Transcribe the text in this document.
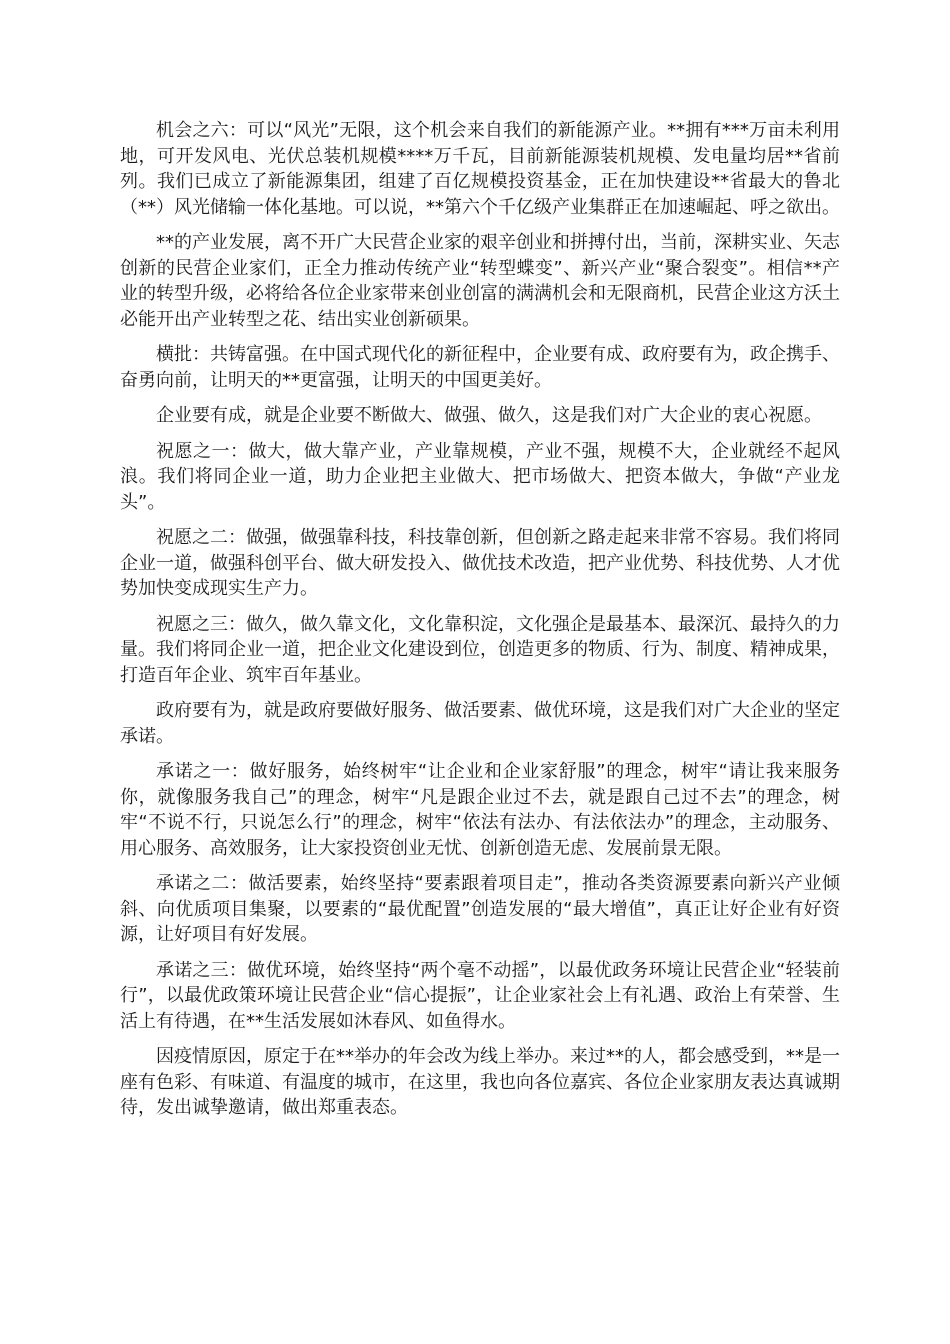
机会之六：可以“风光”无限，这个机会来自我们的新能源产业。**拥有***万亩未利用地，可开发风电、光伏总装机规模****万千瓦，目前新能源装机规模、发电量均居**省前列。我们已成立了新能源集团，组建了百亿规模投资基金，正在加快建设**省最大的鲁北（**）风光储输一体化基地。可以说，**第六个千亿级产业集群正在加速崛起、呼之欲出。

**的产业发展，离不开广大民营企业家的艰辛创业和拼搏付出，当前，深耕实业、矢志创新的民营企业家们，正全力推动传统产业“转型蝶变”、新兴产业“聚合裂变”。相信**产业的转型升级，必将给各位企业家带来创业创富的满满机会和无限商机，民营企业这方沃土必能开出产业转型之花、结出实业创新硕果。

横批：共铸富强。在中国式现代化的新征程中，企业要有成、政府要有为，政企携手、奋勇向前，让明天的**更富强，让明天的中国更美好。

企业要有成，就是企业要不断做大、做强、做久，这是我们对广大企业的衷心祝愿。

祝愿之一：做大，做大靠产业，产业靠规模，产业不强，规模不大，企业就经不起风浪。我们将同企业一道，助力企业把主业做大、把市场做大、把资本做大，争做“产业龙头”。

祝愿之二：做强，做强靠科技，科技靠创新，但创新之路走起来非常不容易。我们将同企业一道，做强科创平台、做大研发投入、做优技术改造，把产业优势、科技优势、人才优势加快变成现实生产力。

祝愿之三：做久，做久靠文化，文化靠积淀，文化强企是最基本、最深沉、最持久的力量。我们将同企业一道，把企业文化建设到位，创造更多的物质、行为、制度、精神成果，打造百年企业、筑牢百年基业。

政府要有为，就是政府要做好服务、做活要素、做优环境，这是我们对广大企业的坚定承诺。

承诺之一：做好服务，始终树牢“让企业和企业家舒服”的理念，树牢“请让我来服务你，就像服务我自己”的理念，树牢“凡是跟企业过不去，就是跟自己过不去”的理念，树牢“不说不行，只说怎么行”的理念，树牢“依法有法办、有法依法办”的理念，主动服务、用心服务、高效服务，让大家投资创业无忧、创新创造无虑、发展前景无限。

承诺之二：做活要素，始终坚持“要素跟着项目走”，推动各类资源要素向新兴产业倾斜、向优质项目集聚，以要素的“最优配置”创造发展的“最大增值”，真正让好企业有好资源，让好项目有好发展。

承诺之三：做优环境，始终坚持“两个毫不动摇”，以最优政务环境让民营企业“轻装前行”，以最优政策环境让民营企业“信心提振”，让企业家社会上有礼遇、政治上有荣誉、生活上有待遇，在**生活发展如沐春风、如鱼得水。

因疫情原因，原定于在**举办的年会改为线上举办。来过**的人，都会感受到，**是一座有色彩、有味道、有温度的城市，在这里，我也向各位嘉宾、各位企业家朋友表达真诚期待，发出诚挚邀请，做出郑重表态。
